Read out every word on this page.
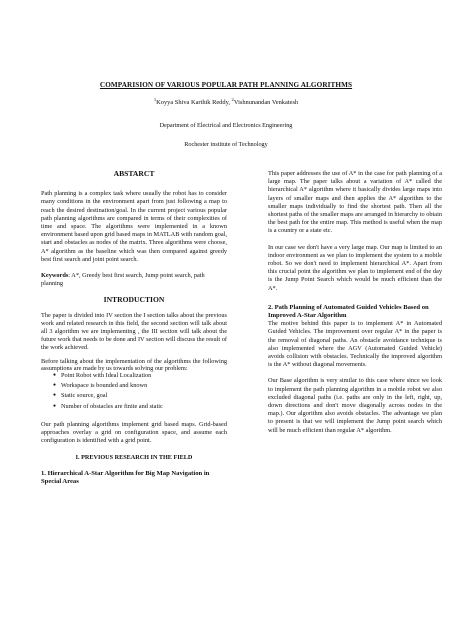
COMPARISION OF VARIOUS POPULAR PATH PLANNING ALGORITHMS
$^1$Koyya Shiva Karthik Reddy, $^2$Vishnunandan Venkatesh
Department of Electrical and Electronics Engineering
Rochester institute of Technology

ABSTARCT

Path planning is a complex task where usually the robot has to consider many conditions in the environment apart from just following a map to reach the desired destination/goal. In the current project various popular path planning algorithms are compared in terms of their complexities of time and space. The algorithms were implemented in a known environment based upon grid based maps in MATLAB with random goal, start and obstacles as nodes of the matrix. Three algorithms were choose, A* algorithm as the baseline which was then compared against greedy best first search and joint point search.

Keywords: A*, Greedy best first search, Jump point search, path planning

INTRODUCTION

The paper is divided into IV section the I section talks about the previous work and related research in this field, the second section will talk about all 3 algorithm we are implementing , the III section will talk about the future work that needs to be done and IV section will discuss the result of the work achieved.

Before talking about the implementation of the algorithms the following assumptions are made by us towards solving our problem:

● Point Robot with Ideal Localization
● Workspace is bounded and known
● Static source, goal
● Number of obstacles are finite and static

Our path planning algorithms implement grid based maps. Grid-based approaches overlay a grid on configuration space, and assume each configuration is identified with a grid point.

I. PREVIOUS RESEARCH IN THE FIELD

1. Hierarchical A-Star Algorithm for Big Map Navigation in Special Areas

This paper addresses the use of A* in the case for path planning of a large map. The paper talks about a variation of A* called the hierarchical A* algorithm where it basically divides large maps into layers of smaller maps and then applies the A* algorithm to the smaller maps individually to find the shortest path. Then all the shortest paths of the smaller maps are arranged in hierarchy to obtain the best path for the entire map. This method is useful when the map is a country or a state etc.

In our case we don't have a very large map. Our map is limited to an indoor environment as we plan to implement the system to a mobile robot. So we don't need to implement hierarchical A*. Apart from this crucial point the algorithm we plan to implement end of the day is the Jump Point Search which would be much efficient than the A*.

2. Path Planning of Automated Guided Vehicles Based on Improved A-Star Algorithm

The motive behind this paper is to implement A* in Automated Guided Vehicles. The improvement over regular A* in the paper is the removal of diagonal paths. An obstacle avoidance technique is also implemented where the AGV (Automated Guided Vehicle) avoids collision with obstacles. Technically the improved algorithm is the A* without diagonal movements.

Our Base algorithm is very similar to this case where since we look to implement the path planning algorithm in a mobile robot we also excluded diagonal paths (i.e. paths are only in the left, right, up, down directions and don't move diagonally across nodes in the map.). Our algorithm also avoids obstacles. The advantage we plan to present is that we will implement the Jump point search which will be much efficient than regular A* algorithm.
